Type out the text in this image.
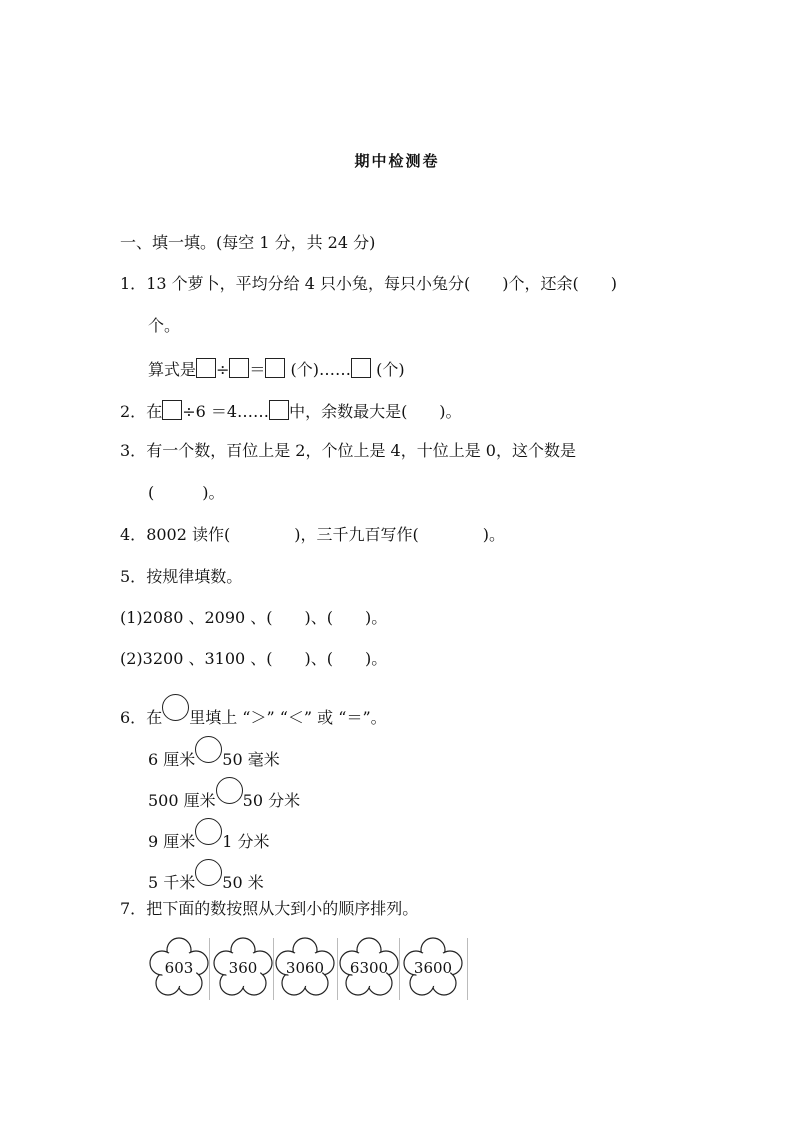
期中检测卷
一、填一填。(每空 1 分，共 24 分)
1．13 个萝卜，平均分给 4 只小兔，每只小兔分(　　)个，还余(　　)
个。
算式是 ÷ ＝ (个)…… (个)
2．在 ÷6 ＝4…… 中，余数最大是(　　)。
3．有一个数，百位上是 2，个位上是 4，十位上是 0，这个数是
(　　　)。
4．8002 读作(　　　　)，三千九百写作(　　　　)。
5．按规律填数。
(1)2080 、2090 、(　　)、(　　)。
(2)3200 、3100 、(　　)、(　　)。
6．在 里填上 “＞” “＜” 或 “＝”。
6 厘米 50 毫米
500 厘米 50 分米
9 厘米 1 分米
5 千米 50 米
7．把下面的数按照从大到小的顺序排列。
603	360	3060	6300	3600
